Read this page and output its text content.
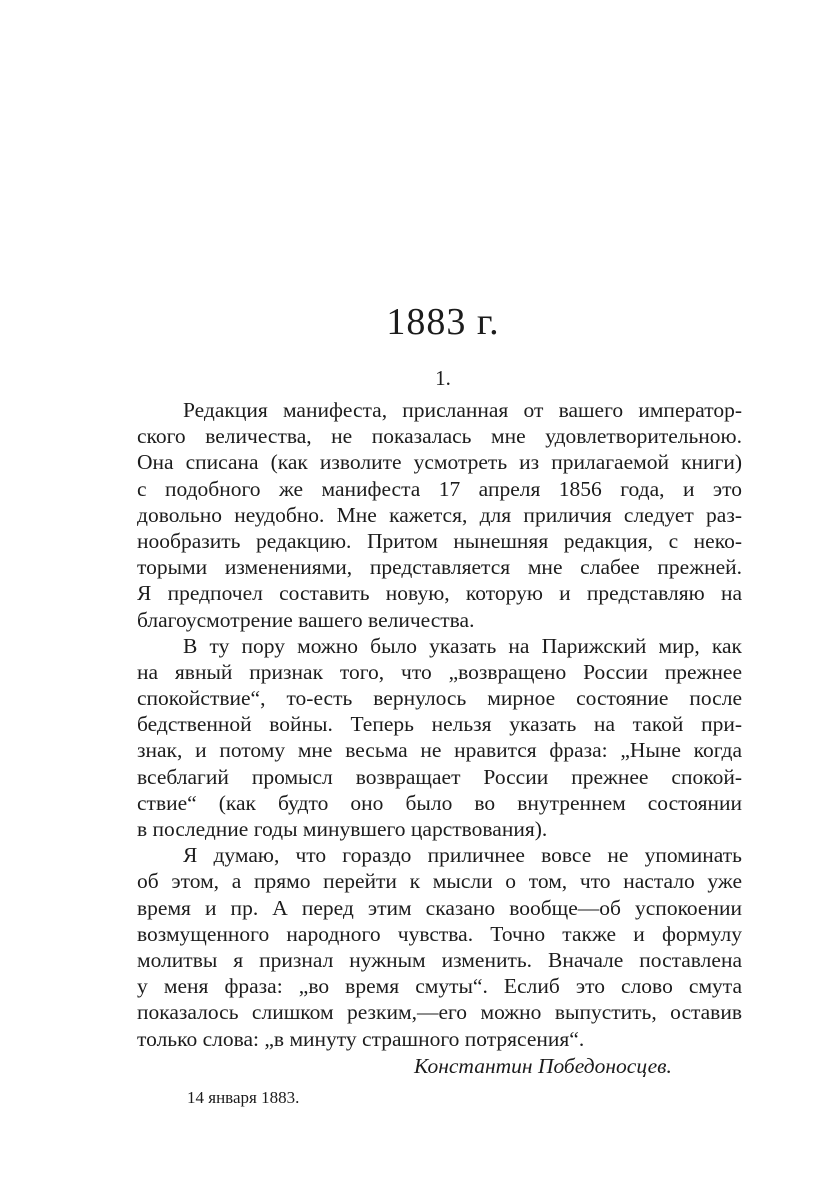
1883 г.
1.
Редакция манифеста, присланная от вашего император-
ского величества, не показалась мне удовлетворительною.
Она списана (как изволите усмотреть из прилагаемой книги)
с подобного же манифеста 17 апреля 1856 года, и это
довольно неудобно. Мне кажется, для приличия следует раз-
нообразить редакцию. Притом нынешняя редакция, с неко-
торыми изменениями, представляется мне слабее прежней.
Я предпочел составить новую, которую и представляю на
благоусмотрение вашего величества.
В ту пору можно было указать на Парижский мир, как
на явный признак того, что „возвращено России прежнее
спокойствие“, то-есть вернулось мирное состояние после
бедственной войны. Теперь нельзя указать на такой при-
знак, и потому мне весьма не нравится фраза: „Ныне когда
всеблагий промысл возвращает России прежнее спокой-
ствие“ (как будто оно было во внутреннем состоянии
в последние годы минувшего царствования).
Я думаю, что гораздо приличнее вовсе не упоминать
об этом, а прямо перейти к мысли о том, что настало уже
время и пр. А перед этим сказано вообще—об успокоении
возмущенного народного чувства. Точно также и формулу
молитвы я признал нужным изменить. Вначале поставлена
у меня фраза: „во время смуты“. Еслиб это слово смута
показалось слишком резким,—его можно выпустить, оставив
только слова: „в минуту страшного потрясения“.
Константин Победоносцев.
14 января 1883.
